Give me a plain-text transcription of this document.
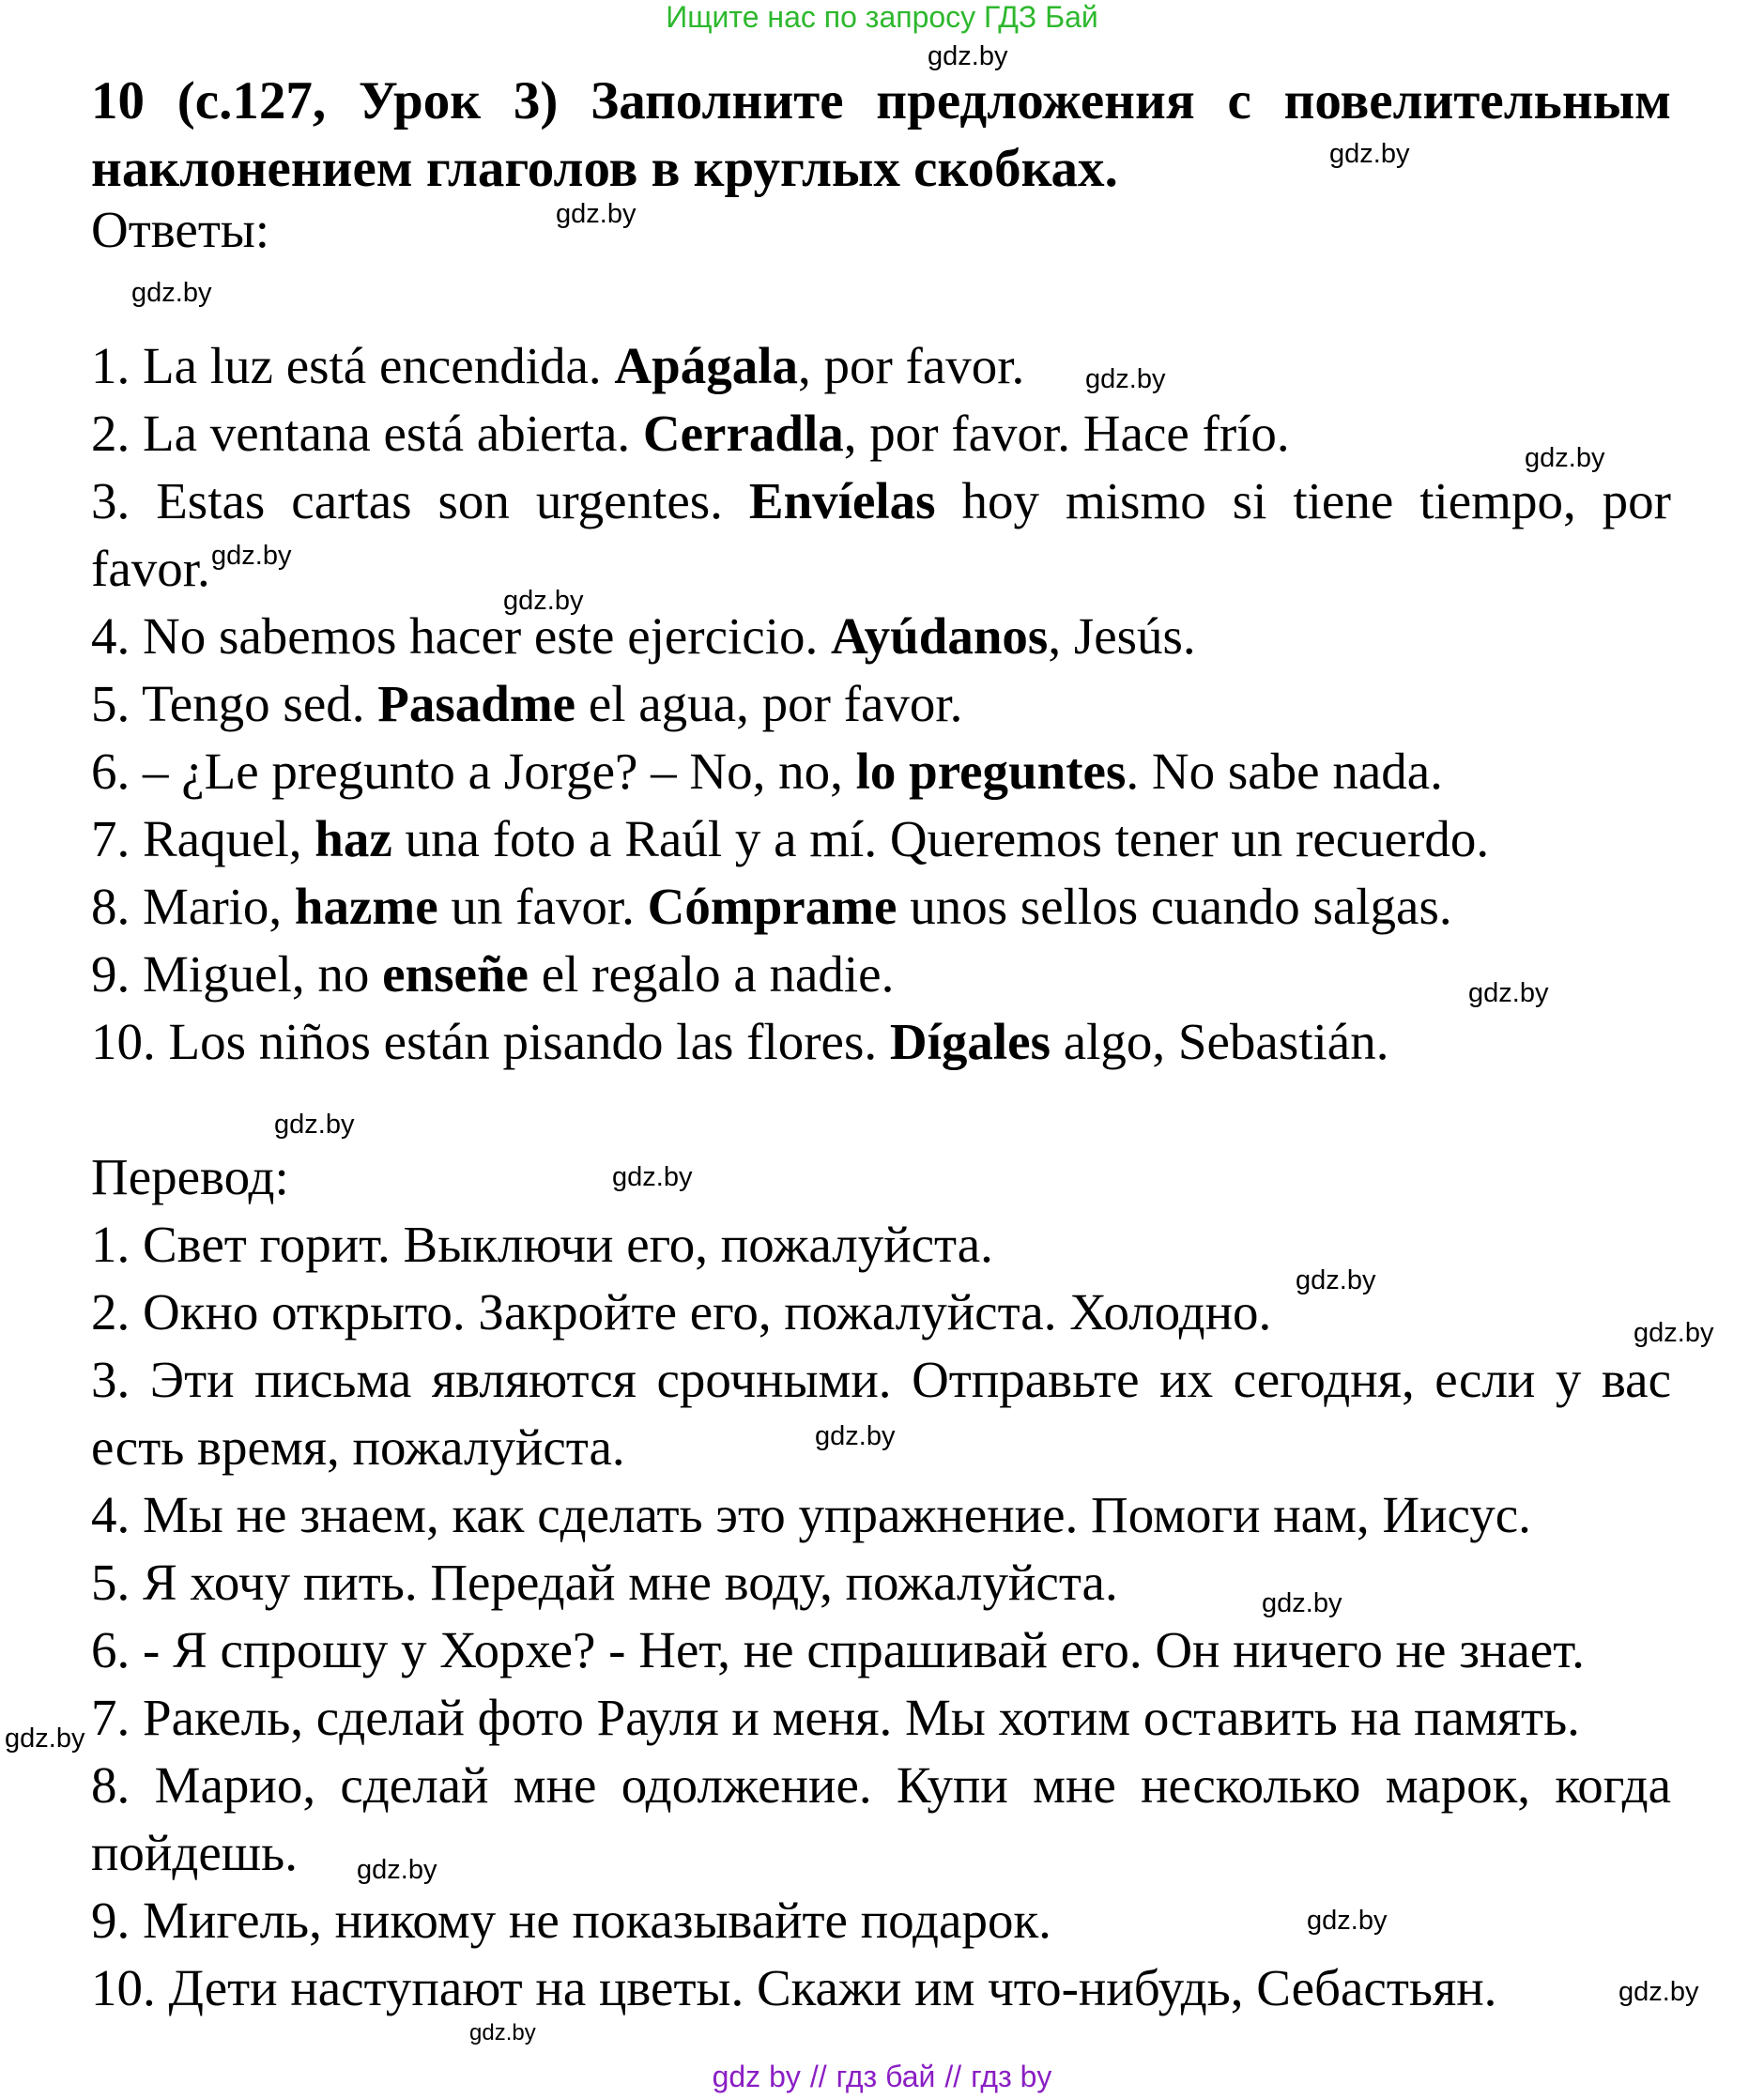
Ищите нас по запросу ГДЗ Бай
10 (с.127, Урок 3) Заполните предложения с повелительным наклонением глаголов в круглых скобках.
Ответы:
1. La luz está encendida. Apágala, por favor.
2. La ventana está abierta. Cerradla, por favor. Hace frío.
3. Estas cartas son urgentes. Envíelas hoy mismo si tiene tiempo, por
favor.
4. No sabemos hacer este ejercicio. Ayúdanos, Jesús.
5. Tengo sed. Pasadme el agua, por favor.
6. – ¿Le pregunto a Jorge? – No, no, lo preguntes. No sabe nada.
7. Raquel, haz una foto a Raúl y a mí. Queremos tener un recuerdo.
8. Mario, hazme un favor. Cómprame unos sellos cuando salgas.
9. Miguel, no enseñe el regalo a nadie.
10. Los niños están pisando las flores. Dígales algo, Sebastián.
Перевод:
1. Свет горит. Выключи его, пожалуйста.
2. Окно открыто. Закройте его, пожалуйста. Холодно.
3. Эти письма являются срочными. Отправьте их сегодня, если у вас
есть время, пожалуйста.
4. Мы не знаем, как сделать это упражнение. Помоги нам, Иисус.
5. Я хочу пить. Передай мне воду, пожалуйста.
6. - Я спрошу у Хорхе? - Нет, не спрашивай его. Он ничего не знает.
7. Ракель, сделай фото Рауля и меня. Мы хотим оставить на память.
8. Марио, сделай мне одолжение. Купи мне несколько марок, когда
пойдешь.
9. Мигель, никому не показывайте подарок.
10. Дети наступают на цветы. Скажи им что-нибудь, Себастьян.
gdz.by
gdz.by
gdz.by
gdz.by
gdz.by
gdz.by
gdz.by
gdz.by
gdz.by
gdz.by
gdz.by
gdz.by
gdz.by
gdz.by
gdz.by
gdz.by
gdz.by
gdz.by
gdz.by
gdz.by
gdz by // гдз бай // гдз by
